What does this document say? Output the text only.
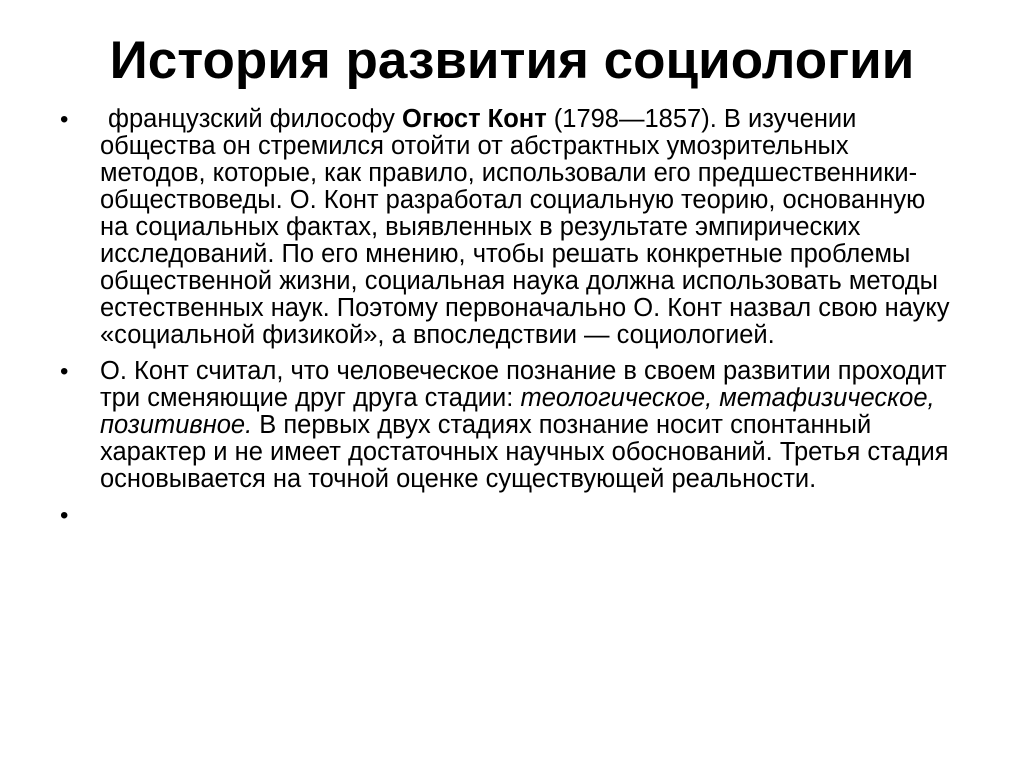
История развития социологии
•	французский философу Огюст Конт (1798—1857). В изучении общества он стремился отойти от абстрактных умозрительных методов, которые, как правило, использовали его предшественники-обществоведы. О. Конт разработал социальную теорию, основанную на социальных фактах, выявленных в результате эмпирических исследований. По его мнению, чтобы решать конкретные проблемы общественной жизни, социальная наука должна использовать методы естественных наук. Поэтому первоначально О. Конт назвал свою науку «социальной физикой», а впоследствии — социологией.
• О. Конт считал, что человеческое познание в своем развитии проходит три сменяющие друг друга стадии: теологическое, метафизическое, позитивное. В первых двух стадиях познание носит спонтанный характер и не имеет достаточных научных обоснований. Третья стадия основывается на точной оценке существующей реальности.
•
